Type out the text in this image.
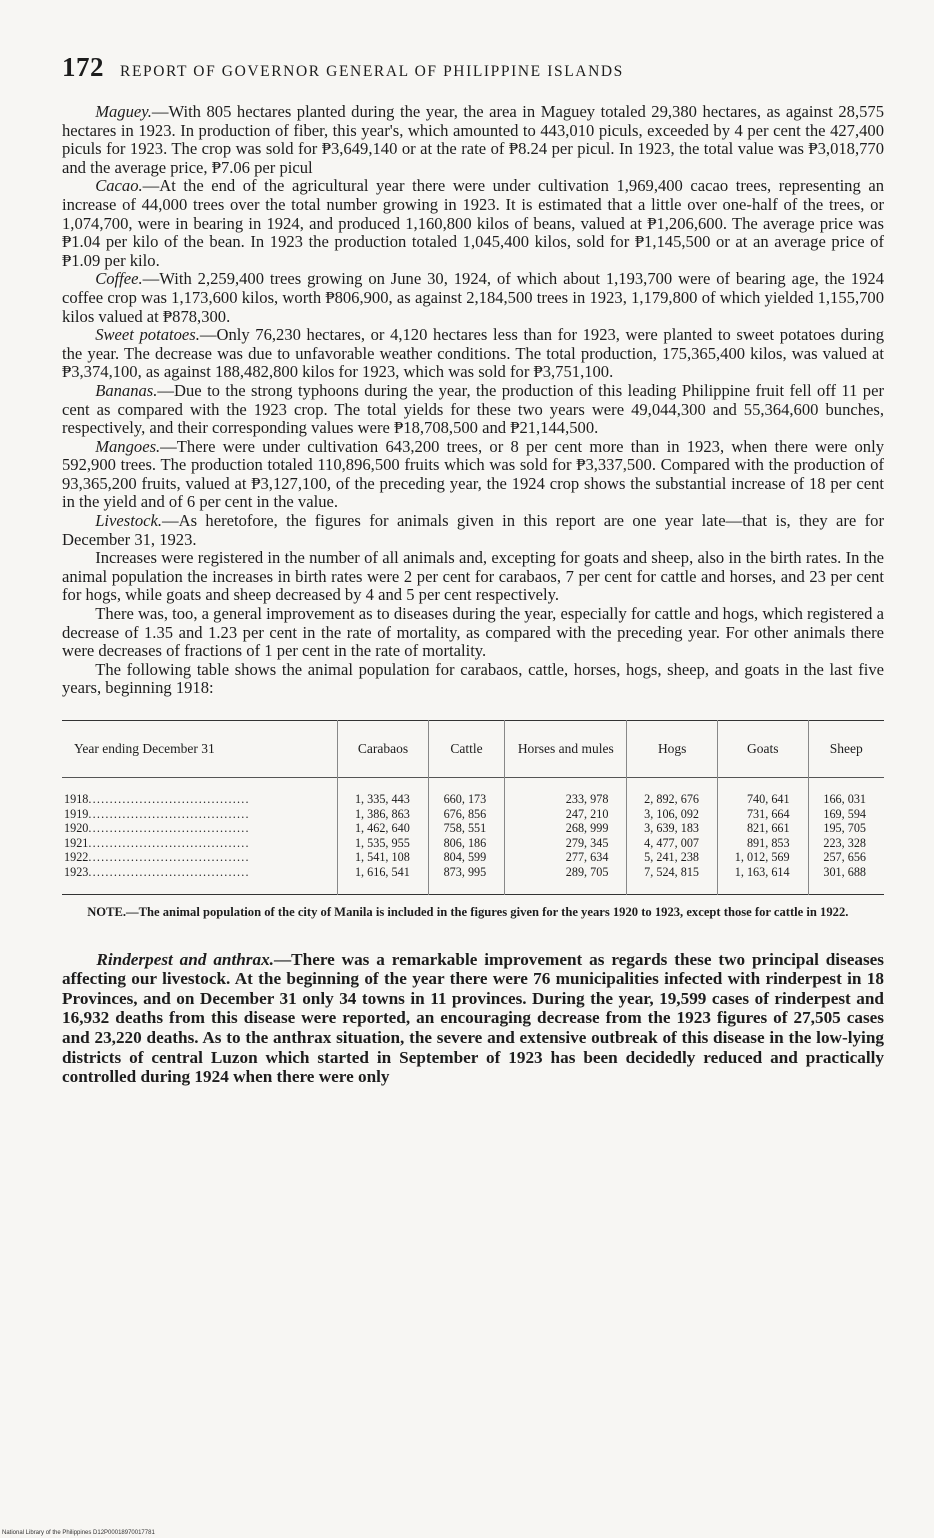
172 REPORT OF GOVERNOR GENERAL OF PHILIPPINE ISLANDS

Maguey.—With 805 hectares planted during the year, the area in Maguey totaled 29,380 hectares, as against 28,575 hectares in 1923. In production of fiber, this year's, which amounted to 443,010 piculs, exceeded by 4 per cent the 427,400 piculs for 1923. The crop was sold for ₱3,649,140 or at the rate of ₱8.24 per picul. In 1923, the total value was ₱3,018,770 and the average price, ₱7.06 per picul

Cacao.—At the end of the agricultural year there were under cultivation 1,969,400 cacao trees, representing an increase of 44,000 trees over the total number growing in 1923. It is estimated that a little over one-half of the trees, or 1,074,700, were in bearing in 1924, and produced 1,160,800 kilos of beans, valued at ₱1,206,600. The average price was ₱1.04 per kilo of the bean. In 1923 the production totaled 1,045,400 kilos, sold for ₱1,145,500 or at an average price of ₱1.09 per kilo.

Coffee.—With 2,259,400 trees growing on June 30, 1924, of which about 1,193,700 were of bearing age, the 1924 coffee crop was 1,173,600 kilos, worth ₱806,900, as against 2,184,500 trees in 1923, 1,179,800 of which yielded 1,155,700 kilos valued at ₱878,300.

Sweet potatoes.—Only 76,230 hectares, or 4,120 hectares less than for 1923, were planted to sweet potatoes during the year. The decrease was due to unfavorable weather conditions. The total production, 175,365,400 kilos, was valued at ₱3,374,100, as against 188,482,800 kilos for 1923, which was sold for ₱3,751,100.

Bananas.—Due to the strong typhoons during the year, the production of this leading Philippine fruit fell off 11 per cent as compared with the 1923 crop. The total yields for these two years were 49,044,300 and 55,364,600 bunches, respectively, and their corresponding values were ₱18,708,500 and ₱21,144,500.

Mangoes.—There were under cultivation 643,200 trees, or 8 per cent more than in 1923, when there were only 592,900 trees. The production totaled 110,896,500 fruits which was sold for ₱3,337,500. Compared with the production of 93,365,200 fruits, valued at ₱3,127,100, of the preceding year, the 1924 crop shows the substantial increase of 18 per cent in the yield and of 6 per cent in the value.

Livestock.—As heretofore, the figures for animals given in this report are one year late—that is, they are for December 31, 1923.

Increases were registered in the number of all animals and, excepting for goats and sheep, also in the birth rates. In the animal population the increases in birth rates were 2 per cent for carabaos, 7 per cent for cattle and horses, and 23 per cent for hogs, while goats and sheep decreased by 4 and 5 per cent respectively.

There was, too, a general improvement as to diseases during the year, especially for cattle and hogs, which registered a decrease of 1.35 and 1.23 per cent in the rate of mortality, as compared with the preceding year. For other animals there were decreases of fractions of 1 per cent in the rate of mortality.

The following table shows the animal population for carabaos, cattle, horses, hogs, sheep, and goats in the last five years, beginning 1918:

Year ending December 31	Carabaos	Cattle	Horses and mules	Hogs	Goats	Sheep
1918......................................	1, 335, 443	660, 173	233, 978	2, 892, 676	740, 641	166, 031
1919......................................	1, 386, 863	676, 856	247, 210	3, 106, 092	731, 664	169, 594
1920......................................	1, 462, 640	758, 551	268, 999	3, 639, 183	821, 661	195, 705
1921......................................	1, 535, 955	806, 186	279, 345	4, 477, 007	891, 853	223, 328
1922......................................	1, 541, 108	804, 599	277, 634	5, 241, 238	1, 012, 569	257, 656
1923......................................	1, 616, 541	873, 995	289, 705	7, 524, 815	1, 163, 614	301, 688

NOTE.—The animal population of the city of Manila is included in the figures given for the years 1920 to 1923, except those for cattle in 1922.

Rinderpest and anthrax.—There was a remarkable improvement as regards these two principal diseases affecting our livestock. At the beginning of the year there were 76 municipalities infected with rinderpest in 18 Provinces, and on December 31 only 34 towns in 11 provinces. During the year, 19,599 cases of rinderpest and 16,932 deaths from this disease were reported, an encouraging decrease from the 1923 figures of 27,505 cases and 23,220 deaths. As to the anthrax situation, the severe and extensive outbreak of this disease in the low-lying districts of central Luzon which started in September of 1923 has been decidedly reduced and practically controlled during 1924 when there were only

National Library of the Philippines D12P00018970017781
